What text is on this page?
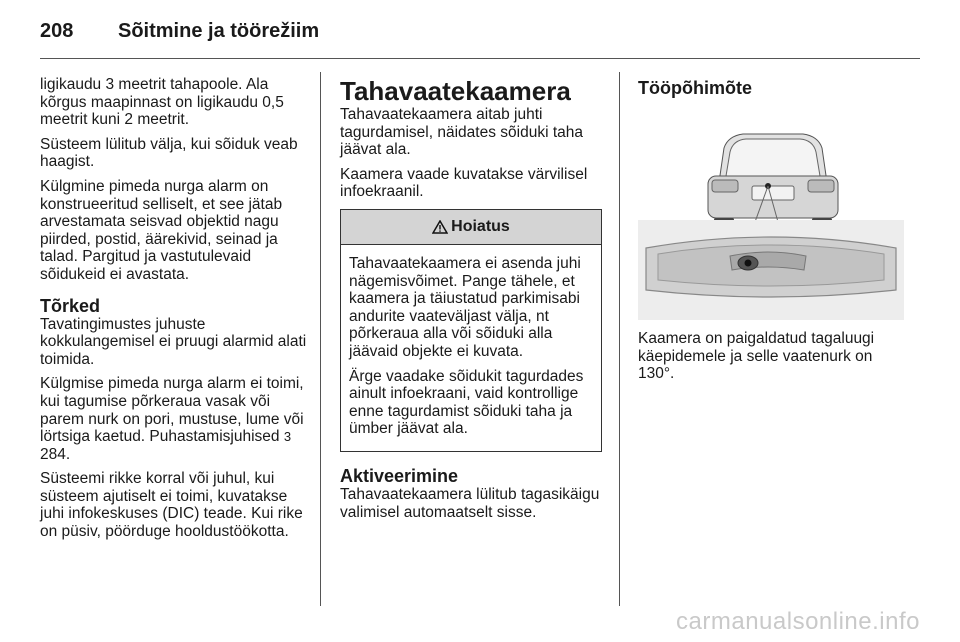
208 Sõitmine ja töörežiim

ligikaudu 3 meetrit tahapoole. Ala kõrgus maapinnast on ligikaudu 0,5 meetrit kuni 2 meetrit.

Süsteem lülitub välja, kui sõiduk veab haagist.

Külgmine pimeda nurga alarm on konstrueeritud selliselt, et see jätab arvestamata seisvad objektid nagu piirded, postid, äärekivid, seinad ja talad. Pargitud ja vastutulevaid sõidukeid ei avastata.

Tõrked

Tavatingimustes juhuste kokkulangemisel ei pruugi alarmid alati toimida.

Külgmise pimeda nurga alarm ei toimi, kui tagumise põrkeraua vasak või parem nurk on pori, mustuse, lume või lörtsiga kaetud. Puhastamisjuhised 3 284.

Süsteemi rikke korral või juhul, kui süsteem ajutiselt ei toimi, kuvatakse juhi infokeskuses (DIC) teade. Kui rike on püsiv, pöörduge hooldustöökotta.

Tahavaatekaamera

Tahavaatekaamera aitab juhti tagurdamisel, näidates sõiduki taha jäävat ala.

Kaamera vaade kuvatakse värvilisel infoekraanil.

Hoiatus

Tahavaatekaamera ei asenda juhi nägemisvõimet. Pange tähele, et kaamera ja täiustatud parkimisabi andurite vaateväljast välja, nt põrkeraua alla või sõiduki alla jäävaid objekte ei kuvata.

Ärge vaadake sõidukit tagurdades ainult infoekraani, vaid kontrollige enne tagurdamist sõiduki taha ja ümber jäävat ala.

Aktiveerimine

Tahavaatekaamera lülitub tagasikäigu valimisel automaatselt sisse.

Tööpõhimõte

Kaamera on paigaldatud tagaluugi käepidemele ja selle vaatenurk on 130°.

carmanualsonline.info
